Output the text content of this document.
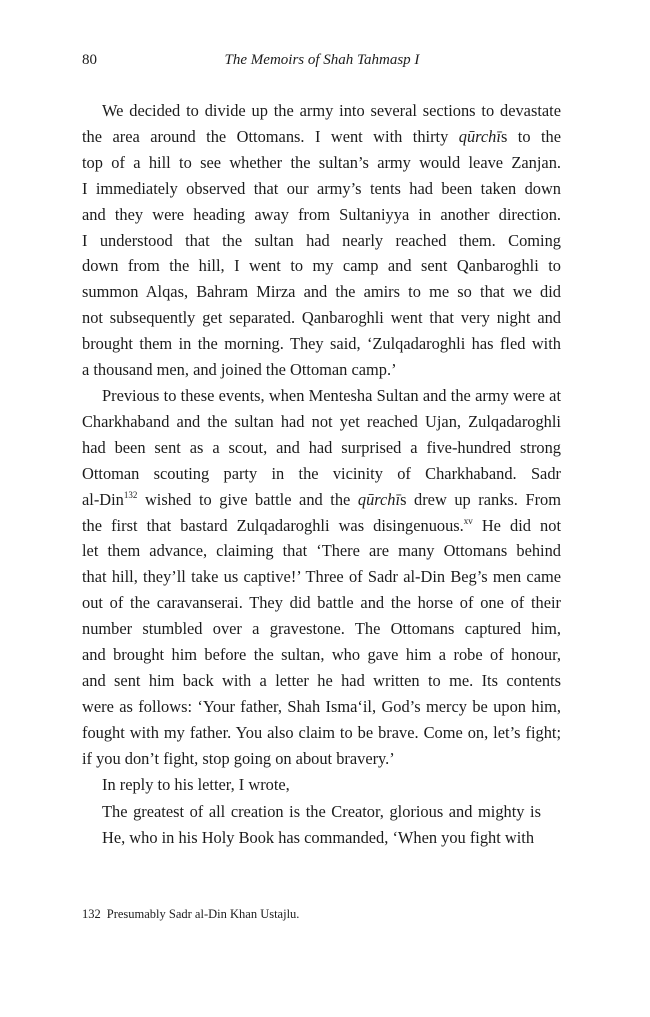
80	The Memoirs of Shah Tahmasp I
We decided to divide up the army into several sections to devastate
the area around the Ottomans. I went with thirty qūrchīs to the
top of a hill to see whether the sultan’s army would leave Zanjan.
I immediately observed that our army’s tents had been taken down
and they were heading away from Sultaniyya in another direction.
I understood that the sultan had nearly reached them. Coming
down from the hill, I went to my camp and sent Qanbaroghli to
summon Alqas, Bahram Mirza and the amirs to me so that we did
not subsequently get separated. Qanbaroghli went that very night and
brought them in the morning. They said, ‘Zulqadaroghli has fled with
a thousand men, and joined the Ottoman camp.’
Previous to these events, when Mentesha Sultan and the army were at
Charkhaband and the sultan had not yet reached Ujan, Zulqadaroghli
had been sent as a scout, and had surprised a five-hundred strong
Ottoman scouting party in the vicinity of Charkhaband. Sadr
al-Din$^{132}$ wished to give battle and the qūrchīs drew up ranks. From
the first that bastard Zulqadaroghli was disingenuous.$^{xv}$ He did not
let them advance, claiming that ‘There are many Ottomans behind
that hill, they’ll take us captive!’ Three of Sadr al-Din Beg’s men came
out of the caravanserai. They did battle and the horse of one of their
number stumbled over a gravestone. The Ottomans captured him,
and brought him before the sultan, who gave him a robe of honour,
and sent him back with a letter he had written to me. Its contents
were as follows: ‘Your father, Shah Isma‘il, God’s mercy be upon him,
fought with my father. You also claim to be brave. Come on, let’s fight;
if you don’t fight, stop going on about bravery.’
In reply to his letter, I wrote,
The greatest of all creation is the Creator, glorious and mighty is
He, who in his Holy Book has commanded, ‘When you fight with
132 Presumably Sadr al-Din Khan Ustajlu.
